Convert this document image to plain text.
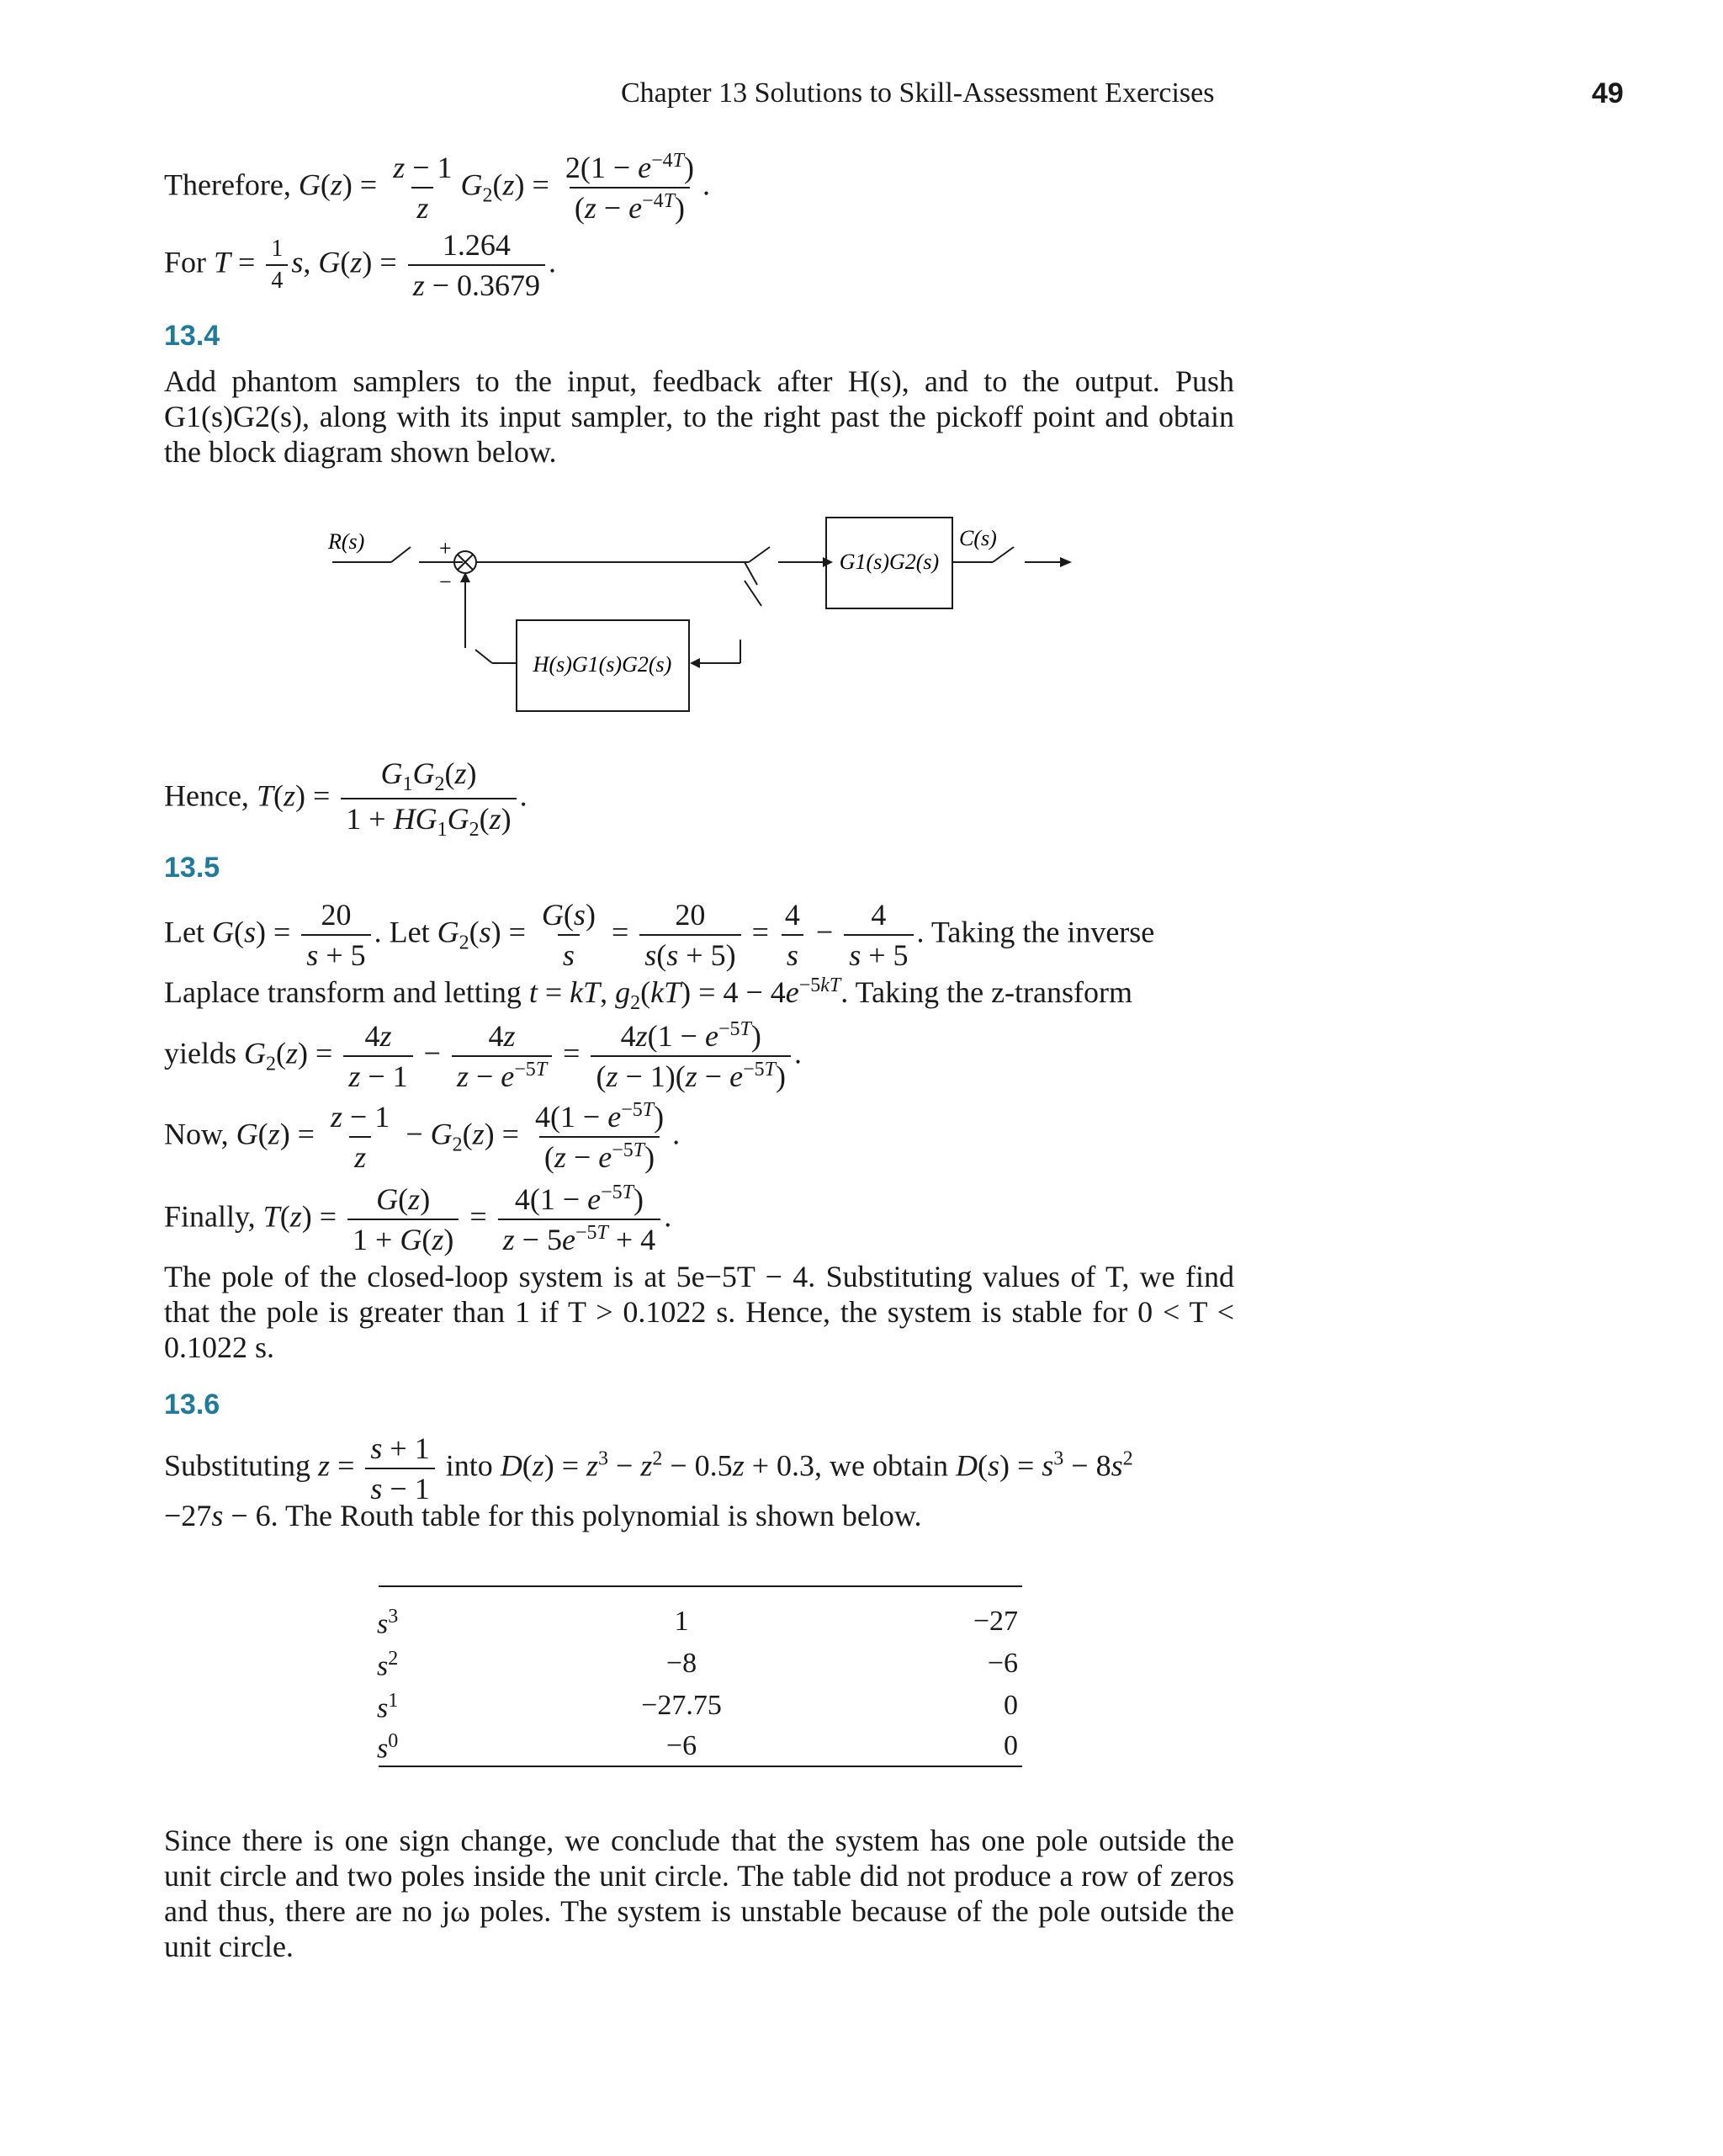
Chapter 13 Solutions to Skill-Assessment Exercises	49
Therefore, $G(z) = \frac{z - 1}{z} G_2(z) = \frac{2(1 - e^{-4T})}{(z - e^{-4T})}$ .
For $T = \frac{1}{4} s$, $G(z) = \frac{1.264}{z - 0.3679}$ .
13.4
Add phantom samplers to the input, feedback after H(s), and to the output. Push G1(s)G2(s), along with its input sampler, to the right past the pickoff point and obtain the block diagram shown below.
R(s)	+
−
G1(s)G2(s)
C(s)
H(s)G1(s)G2(s)
Hence, $T(z) = \frac{G_1G_2(z)}{1 + HG_1G_2(z)}$ .
13.5
Let $G(s) = \frac{20}{s + 5}$ . Let $G_2(s) = \frac{G(s)}{s} = \frac{20}{s(s + 5)} = \frac{4}{s} - \frac{4}{s + 5}$ . Taking the inverse
Laplace transform and letting t = kT, $g_2(kT) = 4 - 4e^{-5kT}$. Taking the z-transform
yields $G_2(z) = \frac{4z}{z - 1} - \frac{4z}{z - e^{-5T}} = \frac{4z(1 - e^{-5T})}{(z - 1)(z - e^{-5T})}$ .
Now, $G(z) = \frac{z - 1}{z} - G_2(z) = \frac{4(1 - e^{-5T})}{(z - e^{-5T})}$ .
Finally, $T(z) = \frac{G(z)}{1 + G(z)} = \frac{4(1 - e^{-5T})}{z - 5e^{-5T} + 4}$ .
The pole of the closed-loop system is at 5e−5T − 4. Substituting values of T, we find that the pole is greater than 1 if T > 0.1022 s. Hence, the system is stable for 0 < T < 0.1022 s.
13.6
Substituting $z = \frac{s + 1}{s - 1}$ into $D(z) = z^3 - z^2 - 0.5z + 0.3$, we obtain $D(s) = s^3 - 8s^2$
−27s − 6. The Routh table for this polynomial is shown below.
$s^3$	1	−27
$s^2$	−8	−6
$s^1$	−27.75	0
$s^0$	−6	0
Since there is one sign change, we conclude that the system has one pole outside the unit circle and two poles inside the unit circle. The table did not produce a row of zeros and thus, there are no jω poles. The system is unstable because of the pole outside the unit circle.
